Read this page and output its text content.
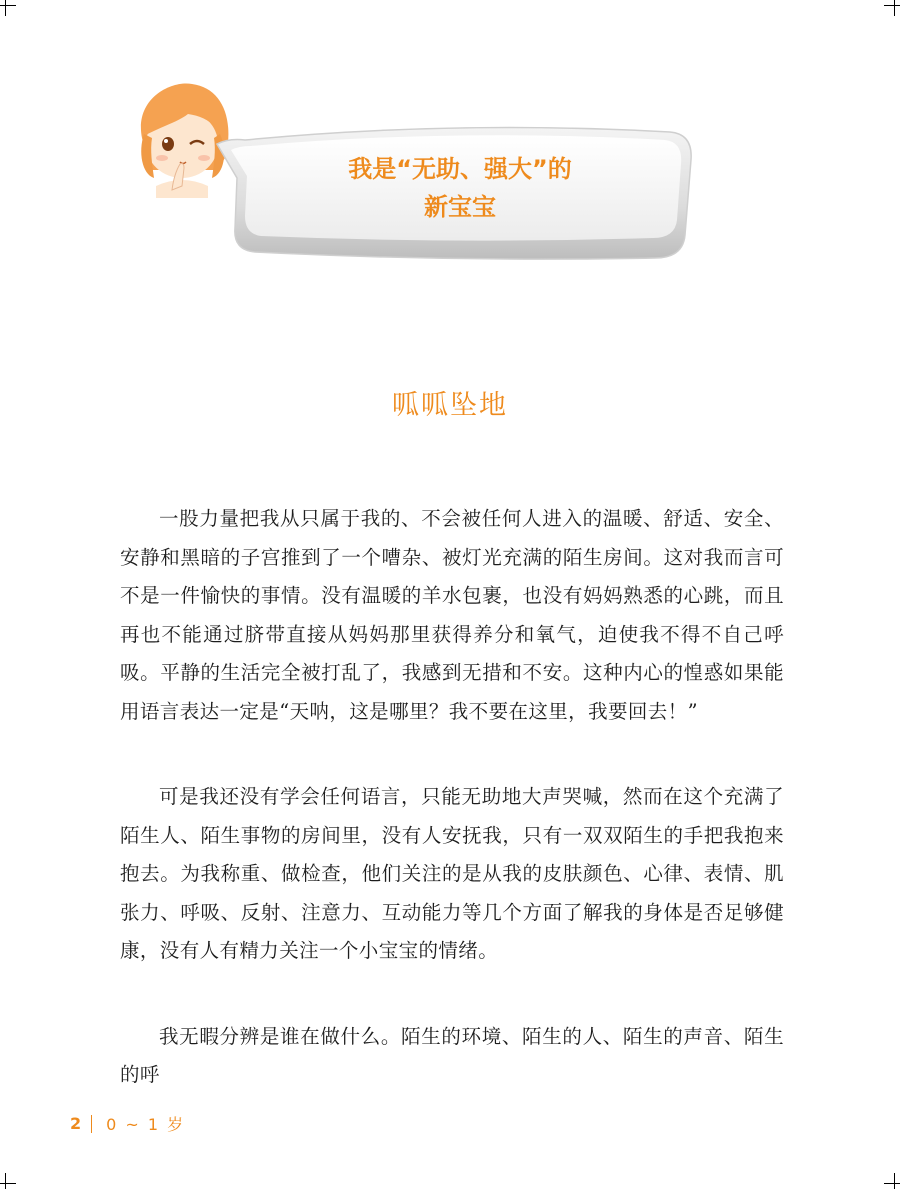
我是“无助、强大”的
新宝宝
呱呱坠地

一股力量把我从只属于我的、不会被任何人进入的温暖、舒适、安全、安静和黑暗的子宫推到了一个嘈杂、被灯光充满的陌生房间。这对我而言可不是一件愉快的事情。没有温暖的羊水包裹，也没有妈妈熟悉的心跳，而且再也不能通过脐带直接从妈妈那里获得养分和氧气，迫使我不得不自己呼吸。平静的生活完全被打乱了，我感到无措和不安。这种内心的惶惑如果能用语言表达一定是“天呐，这是哪里？我不要在这里，我要回去！”

可是我还没有学会任何语言，只能无助地大声哭喊，然而在这个充满了陌生人、陌生事物的房间里，没有人安抚我，只有一双双陌生的手把我抱来抱去。为我称重、做检查，他们关注的是从我的皮肤颜色、心律、表情、肌张力、呼吸、反射、注意力、互动能力等几个方面了解我的身体是否足够健康，没有人有精力关注一个小宝宝的情绪。

我无暇分辨是谁在做什么。陌生的环境、陌生的人、陌生的声音、陌生的呼

2 0 ~ 1 岁
